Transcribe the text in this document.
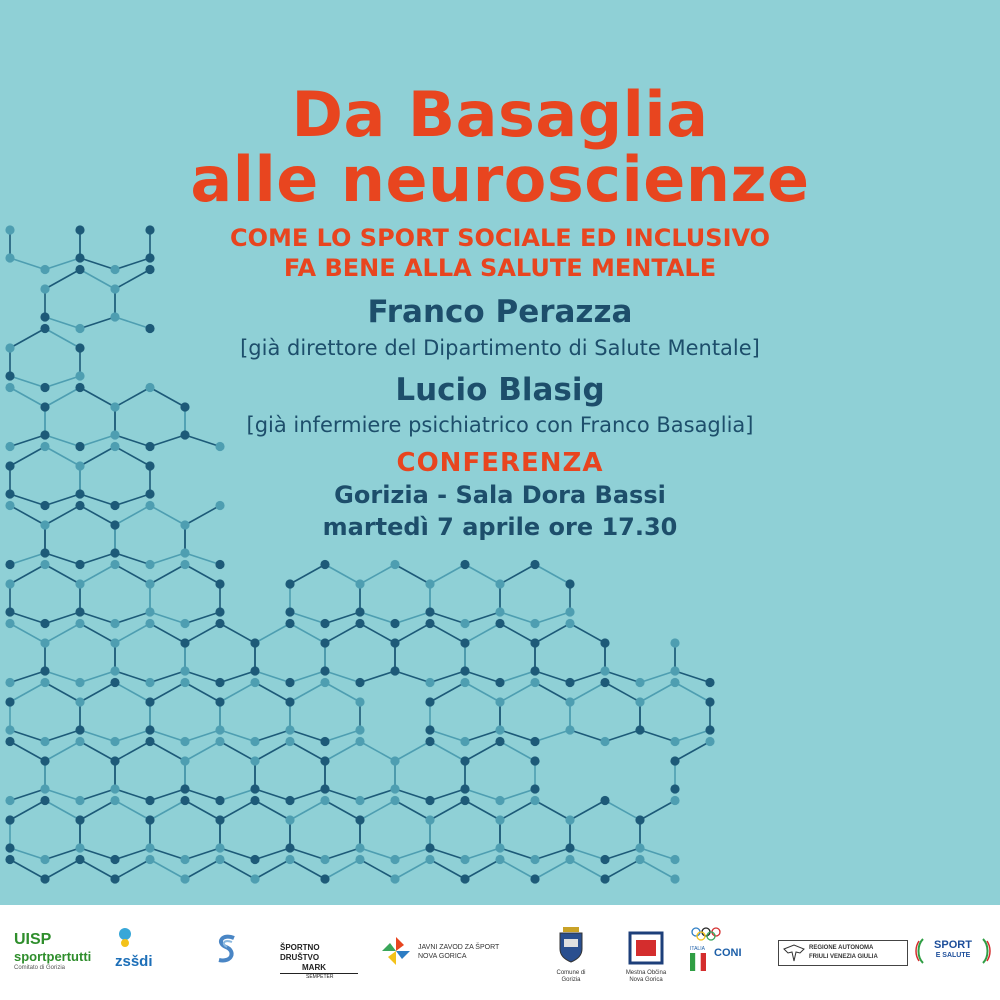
Da Basaglia
alle neuroscienze
COME LO SPORT SOCIALE ED INCLUSIVO
FA BENE ALLA SALUTE MENTALE
Franco Perazza
[già direttore del Dipartimento di Salute Mentale]
Lucio Blasig
[già infermiere psichiatrico con Franco Basaglia]
CONFERENZA
Gorizia - Sala Dora Bassi
martedì 7 aprile ore 17.30
UISP
sportpertutti
Comitato di Gorizia	zsšdi
ŠPORTNO DRUŠTVO
MARK
ŠEMPETER
JAVNI ZAVOD ZA ŠPORT
NOVA GORICA
Comune di
Gorizia
Mestna Občina
Nova Gorica
ITALIA CONI	REGIONE AUTONOMA
FRIULI VENEZIA GIULIA
SPORT
E SALUTE
